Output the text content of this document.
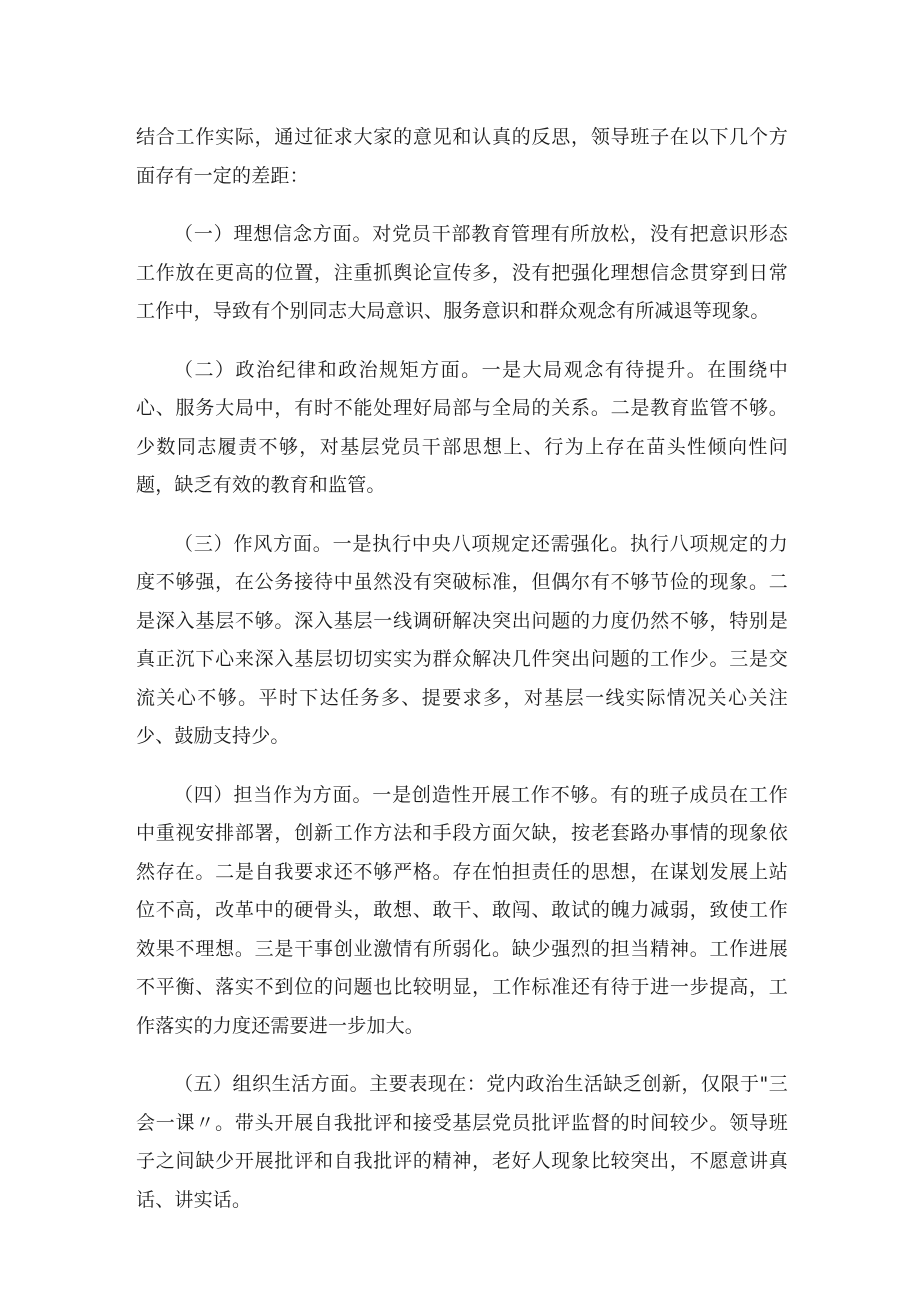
结合工作实际，通过征求大家的意见和认真的反思，领导班子在以下几个方面存有一定的差距：

（一）理想信念方面。对党员干部教育管理有所放松，没有把意识形态工作放在更高的位置，注重抓舆论宣传多，没有把强化理想信念贯穿到日常工作中，导致有个别同志大局意识、服务意识和群众观念有所减退等现象。

（二）政治纪律和政治规矩方面。一是大局观念有待提升。在围绕中心、服务大局中，有时不能处理好局部与全局的关系。二是教育监管不够。少数同志履责不够，对基层党员干部思想上、行为上存在苗头性倾向性问题，缺乏有效的教育和监管。

（三）作风方面。一是执行中央八项规定还需强化。执行八项规定的力度不够强，在公务接待中虽然没有突破标准，但偶尔有不够节俭的现象。二是深入基层不够。深入基层一线调研解决突出问题的力度仍然不够，特别是真正沉下心来深入基层切切实实为群众解决几件突出问题的工作少。三是交流关心不够。平时下达任务多、提要求多，对基层一线实际情况关心关注少、鼓励支持少。

（四）担当作为方面。一是创造性开展工作不够。有的班子成员在工作中重视安排部署，创新工作方法和手段方面欠缺，按老套路办事情的现象依然存在。二是自我要求还不够严格。存在怕担责任的思想，在谋划发展上站位不高，改革中的硬骨头，敢想、敢干、敢闯、敢试的魄力减弱，致使工作效果不理想。三是干事创业激情有所弱化。缺少强烈的担当精神。工作进展不平衡、落实不到位的问题也比较明显，工作标准还有待于进一步提高，工作落实的力度还需要进一步加大。

（五）组织生活方面。主要表现在：党内政治生活缺乏创新，仅限于"三会一课〃。带头开展自我批评和接受基层党员批评监督的时间较少。领导班子之间缺少开展批评和自我批评的精神，老好人现象比较突出，不愿意讲真话、讲实话。
